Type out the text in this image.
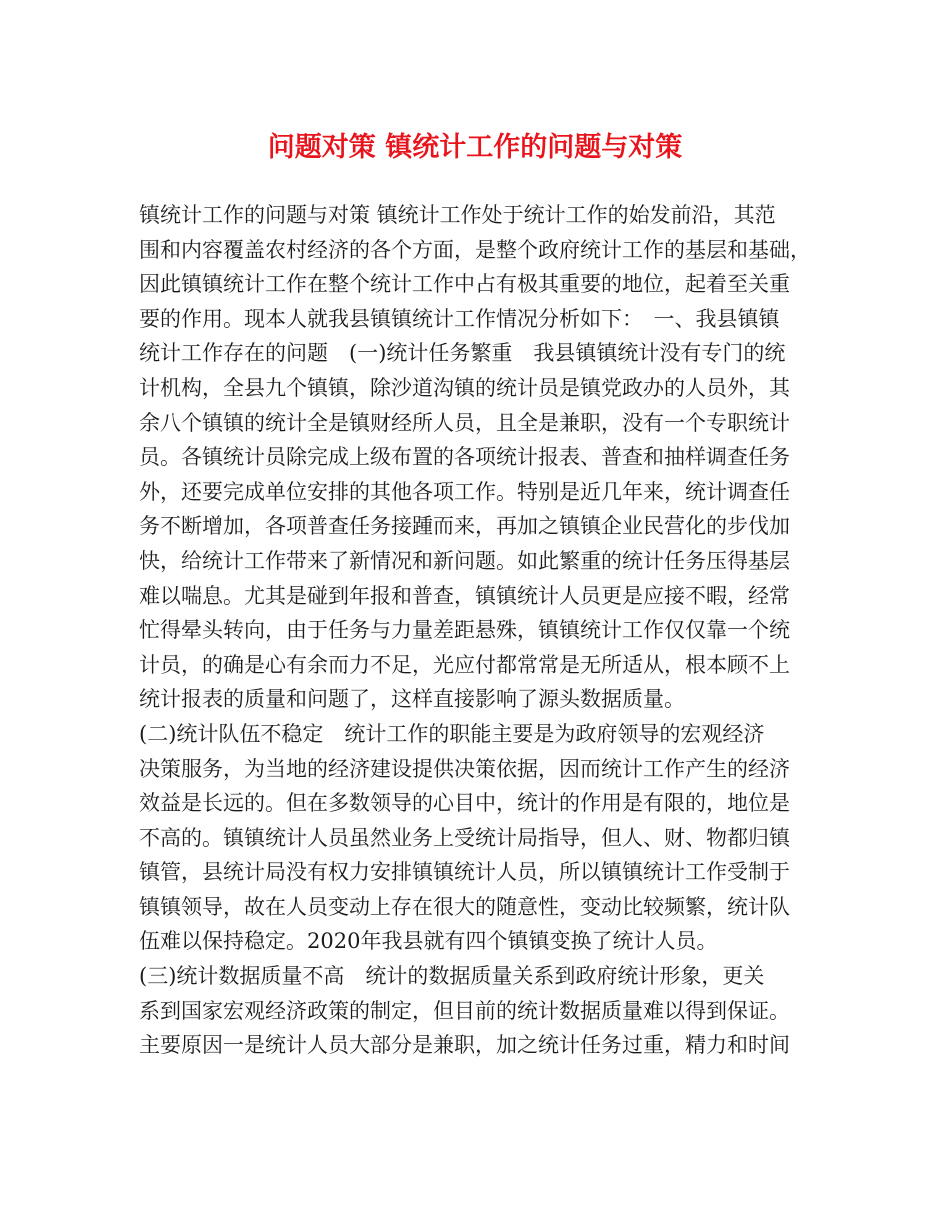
问题对策 镇统计工作的问题与对策
镇统计工作的问题与对策 镇统计工作处于统计工作的始发前沿，其范
围和内容覆盖农村经济的各个方面，是整个政府统计工作的基层和基础，
因此镇镇统计工作在整个统计工作中占有极其重要的地位，起着至关重
要的作用。现本人就我县镇镇统计工作情况分析如下：　一、我县镇镇
统计工作存在的问题　(一)统计任务繁重　我县镇镇统计没有专门的统
计机构，全县九个镇镇，除沙道沟镇的统计员是镇党政办的人员外，其
余八个镇镇的统计全是镇财经所人员，且全是兼职，没有一个专职统计
员。各镇统计员除完成上级布置的各项统计报表、普查和抽样调查任务
外，还要完成单位安排的其他各项工作。特别是近几年来，统计调查任
务不断增加，各项普查任务接踵而来，再加之镇镇企业民营化的步伐加
快，给统计工作带来了新情况和新问题。如此繁重的统计任务压得基层
难以喘息。尤其是碰到年报和普查，镇镇统计人员更是应接不暇，经常
忙得晕头转向，由于任务与力量差距悬殊，镇镇统计工作仅仅靠一个统
计员，的确是心有余而力不足，光应付都常常是无所适从，根本顾不上
统计报表的质量和问题了，这样直接影响了源头数据质量。
(二)统计队伍不稳定　统计工作的职能主要是为政府领导的宏观经济
决策服务，为当地的经济建设提供决策依据，因而统计工作产生的经济
效益是长远的。但在多数领导的心目中，统计的作用是有限的，地位是
不高的。镇镇统计人员虽然业务上受统计局指导，但人、财、物都归镇
镇管，县统计局没有权力安排镇镇统计人员，所以镇镇统计工作受制于
镇镇领导，故在人员变动上存在很大的随意性，变动比较频繁，统计队
伍难以保持稳定。2020年我县就有四个镇镇变换了统计人员。
(三)统计数据质量不高　统计的数据质量关系到政府统计形象，更关
系到国家宏观经济政策的制定，但目前的统计数据质量难以得到保证。
主要原因一是统计人员大部分是兼职，加之统计任务过重，精力和时间
